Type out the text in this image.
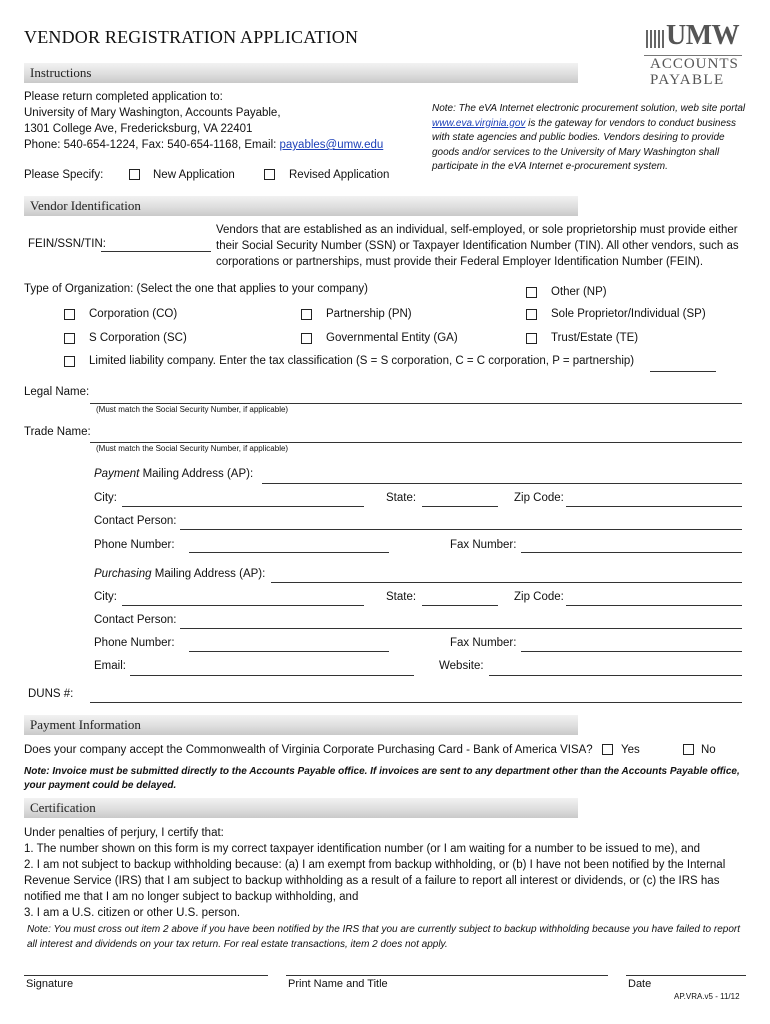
VENDOR REGISTRATION APPLICATION	UMW
ACCOUNTS
PAYABLE
Instructions
Please return completed application to:
University of Mary Washington, Accounts Payable,
1301 College Ave, Fredericksburg, VA 22401
Phone: 540-654-1224, Fax: 540-654-1168, Email: payables@umw.edu
Please Specify:	New Application	Revised Application
Note: The eVA Internet electronic procurement solution, web site portal www.eva.virginia.gov is the gateway for vendors to conduct business with state agencies and public bodies. Vendors desiring to provide goods and/or services to the University of Mary Washington shall participate in the eVA Internet e-procurement system.
Vendor Identification
FEIN/SSN/TIN:
Vendors that are established as an individual, self-employed, or sole proprietorship must provide either their Social Security Number (SSN) or Taxpayer Identification Number (TIN). All other vendors, such as corporations or partnerships, must provide their Federal Employer Identification Number (FEIN).
Type of Organization: (Select the one that applies to your company)	Other (NP)
Corporation (CO)	Partnership (PN)	Sole Proprietor/Individual (SP)
S Corporation (SC)	Governmental Entity (GA)	Trust/Estate (TE)
Limited liability company. Enter the tax classification (S = S corporation, C = C corporation, P = partnership)
Legal Name:
(Must match the Social Security Number, if applicable)
Trade Name:
(Must match the Social Security Number, if applicable)
Payment Mailing Address (AP):
City:	State:	Zip Code:
Contact Person:
Phone Number:	Fax Number:
Purchasing Mailing Address (AP):
City:	State:	Zip Code:
Contact Person:
Phone Number:	Fax Number:
Email:	Website:
DUNS #:
Payment Information
Does your company accept the Commonwealth of Virginia Corporate Purchasing Card - Bank of America VISA? Yes	No
Note: Invoice must be submitted directly to the Accounts Payable office. If invoices are sent to any department other than the Accounts Payable office, your payment could be delayed.
Certification
Under penalties of perjury, I certify that:
1. The number shown on this form is my correct taxpayer identification number (or I am waiting for a number to be issued to me), and
2. I am not subject to backup withholding because: (a) I am exempt from backup withholding, or (b) I have not been notified by the Internal Revenue Service (IRS) that I am subject to backup withholding as a result of a failure to report all interest or dividends, or (c) the IRS has notified me that I am no longer subject to backup withholding, and
3. I am a U.S. citizen or other U.S. person.
Note: You must cross out item 2 above if you have been notified by the IRS that you are currently subject to backup withholding because you have failed to report all interest and dividends on your tax return. For real estate transactions, item 2 does not apply.
Signature	Print Name and Title	Date
AP.VRA.v5 - 11/12
